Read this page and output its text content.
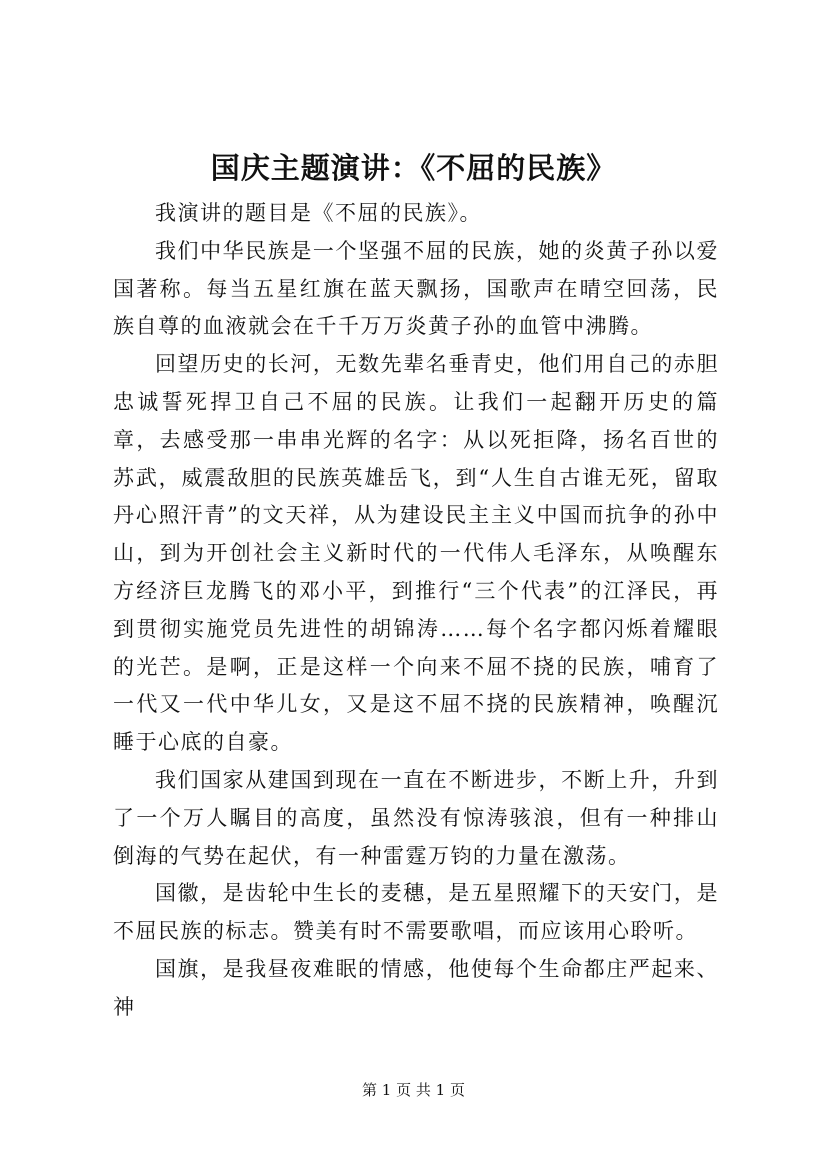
国庆主题演讲：《不屈的民族》

我演讲的题目是《不屈的民族》。

我们中华民族是一个坚强不屈的民族，她的炎黄子孙以爱国著称。每当五星红旗在蓝天飘扬，国歌声在晴空回荡，民族自尊的血液就会在千千万万炎黄子孙的血管中沸腾。

回望历史的长河，无数先辈名垂青史，他们用自己的赤胆忠诚誓死捍卫自己不屈的民族。让我们一起翻开历史的篇章，去感受那一串串光辉的名字：从以死拒降，扬名百世的苏武，威震敌胆的民族英雄岳飞，到“人生自古谁无死，留取丹心照汗青”的文天祥，从为建设民主主义中国而抗争的孙中山，到为开创社会主义新时代的一代伟人毛泽东，从唤醒东方经济巨龙腾飞的邓小平，到推行“三个代表”的江泽民，再到贯彻实施党员先进性的胡锦涛……每个名字都闪烁着耀眼的光芒。是啊，正是这样一个向来不屈不挠的民族，哺育了一代又一代中华儿女，又是这不屈不挠的民族精神，唤醒沉睡于心底的自豪。

我们国家从建国到现在一直在不断进步，不断上升，升到了一个万人瞩目的高度，虽然没有惊涛骇浪，但有一种排山倒海的气势在起伏，有一种雷霆万钧的力量在激荡。

国徽，是齿轮中生长的麦穗，是五星照耀下的天安门，是不屈民族的标志。赞美有时不需要歌唱，而应该用心聆听。

国旗，是我昼夜难眠的情感，他使每个生命都庄严起来、神

第 1 页 共 1 页
